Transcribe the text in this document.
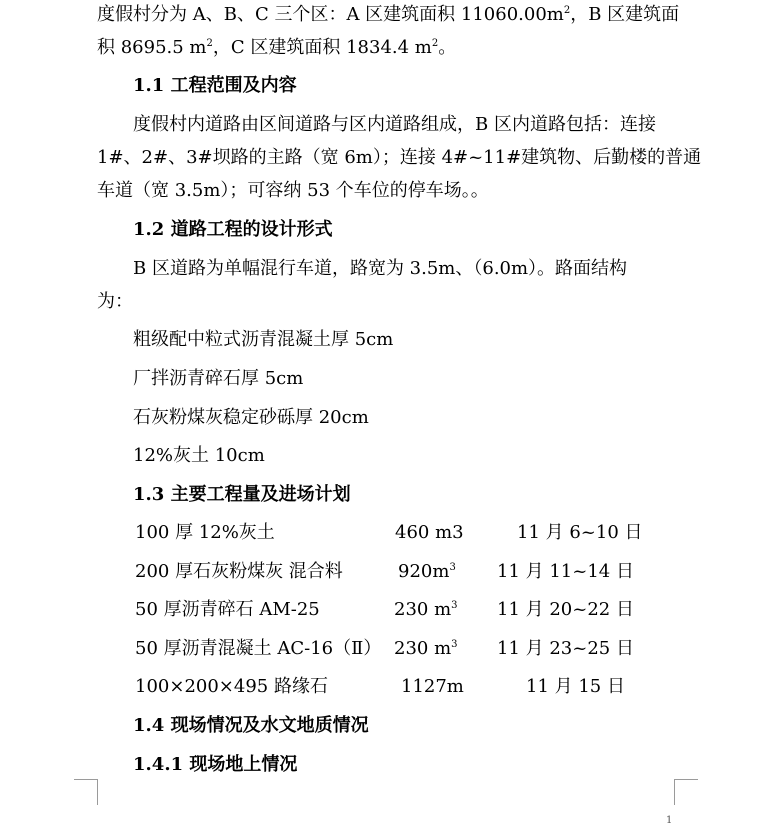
度假村分为 A、B、C 三个区：A 区建筑面积 $11060.00m^2$，B 区建筑面
积 8695.5 $m^2$，C 区建筑面积 1834.4 $m^2$。
1.1 工程范围及内容
度假村内道路由区间道路与区内道路组成，B 区内道路包括：连接
1#、2#、3#坝路的主路（宽 6m）；连接 4#~11#建筑物、后勤楼的普通
车道（宽 3.5m）；可容纳 53 个车位的停车场。。
1.2 道路工程的设计形式
B 区道路为单幅混行车道，路宽为 3.5m、（6.0m）。路面结构
为：
粗级配中粒式沥青混凝土厚 5cm
厂拌沥青碎石厚 5cm
石灰粉煤灰稳定砂砾厚 20cm
12%灰土 10cm
1.3 主要工程量及进场计划
100 厚 12%灰土	460 m3	11 月 6~10 日
200 厚石灰粉煤灰 混合料	$920m^3$ 11 月 11~14 日
50 厚沥青碎石 AM-25	230 $m^3$ 11 月 20~22 日
50 厚沥青混凝土 AC-16（Ⅱ） 230 $m^3$ 11 月 23~25 日
100×200×495 路缘石	1127m	11 月 15 日
1.4 现场情况及水文地质情况
1.4.1 现场地上情况
1
